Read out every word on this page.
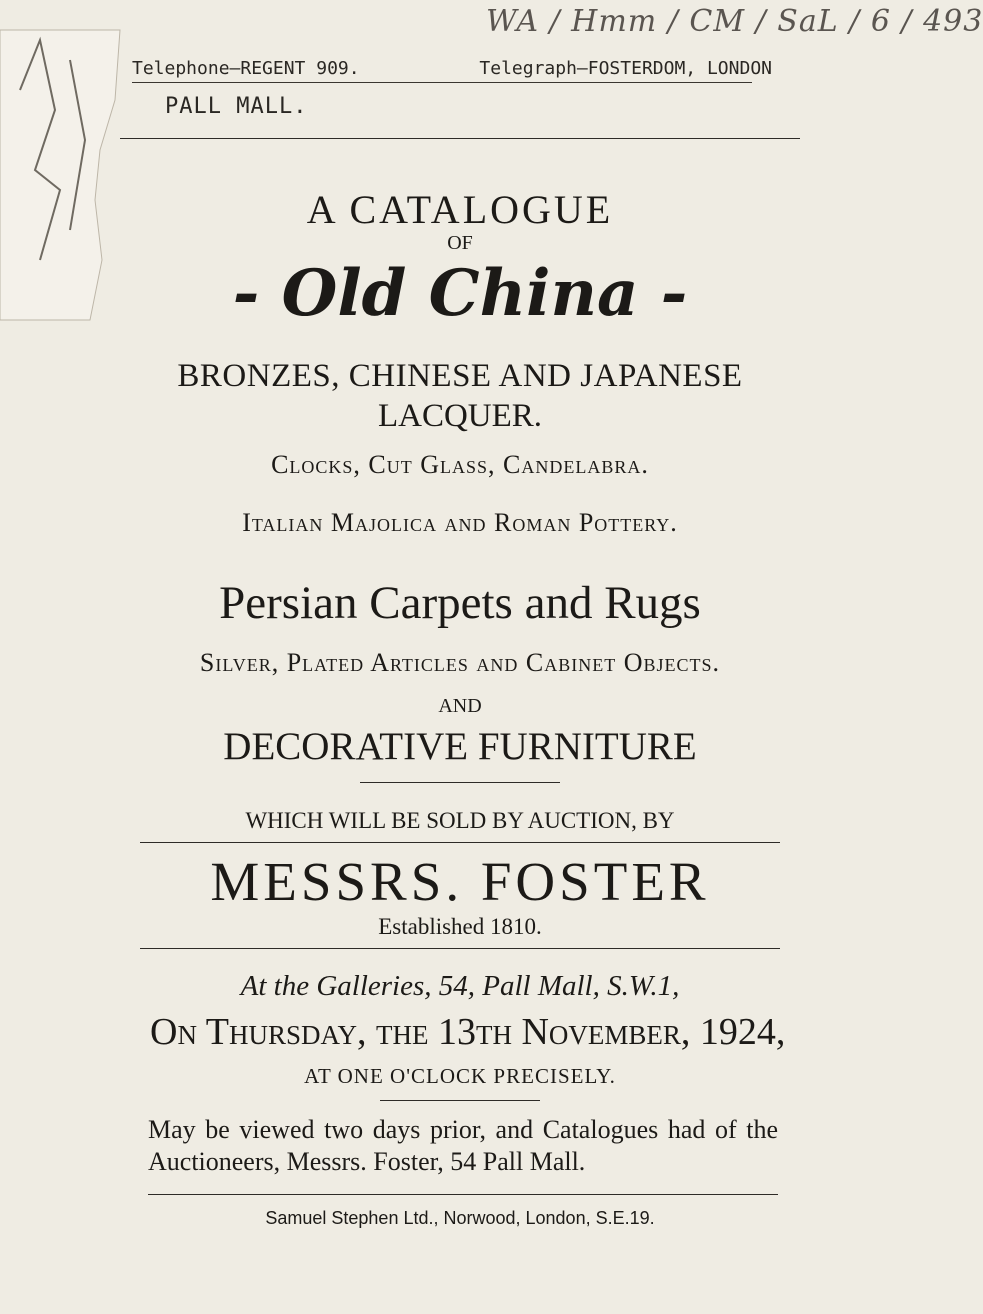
WA / Hmm / CM / SaL / 6 / 493
Telephone—REGENT 909.	Telegraph—FOSTERDOM, LONDON
PALL MALL.
A CATALOGUE
OF
- Old China -
BRONZES, CHINESE AND JAPANESE
LACQUER.
Clocks, Cut Glass, Candelabra.
Italian Majolica and Roman Pottery.
Persian Carpets and Rugs
Silver, Plated Articles and Cabinet Objects.
AND
DECORATIVE FURNITURE
WHICH WILL BE SOLD BY AUCTION, BY
MESSRS. FOSTER
Established 1810.
At the Galleries, 54, Pall Mall, S.W.1,
On Thursday, the 13th November, 1924,
AT ONE O'CLOCK PRECISELY.
May be viewed two days prior, and Catalogues had of the Auctioneers, Messrs. Foster, 54 Pall Mall.
Samuel Stephen Ltd., Norwood, London, S.E.19.
